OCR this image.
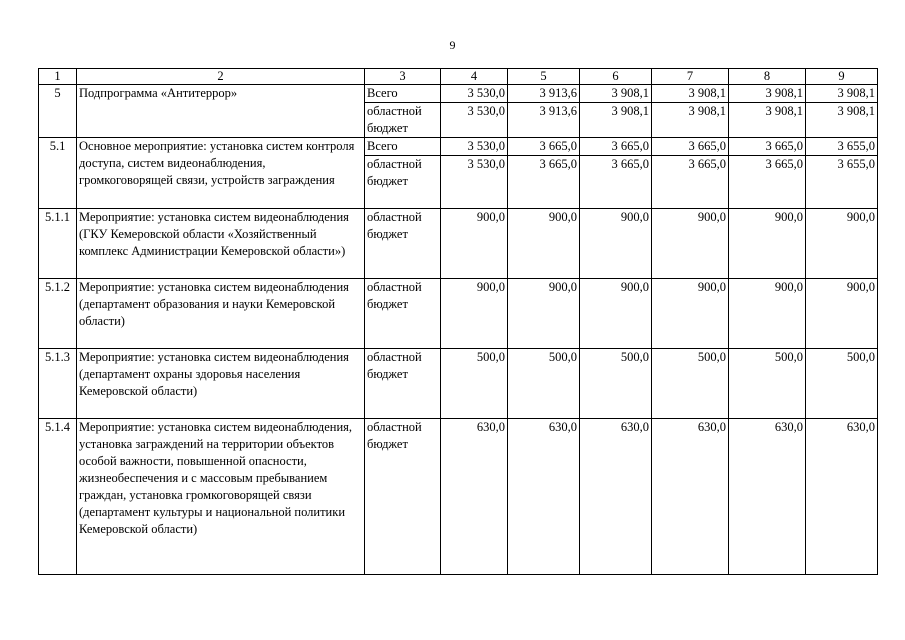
9
1	2	3	4	5	6	7	8	9
5	Подпрограмма «Антитеррор»	Всего	3 530,0	3 913,6	3 908,1	3 908,1	3 908,1	3 908,1
		областной бюджет	3 530,0	3 913,6	3 908,1	3 908,1	3 908,1	3 908,1
5.1	Основное мероприятие: установка систем контроля доступа, систем видеонаблюдения, громкоговорящей связи, устройств заграждения	Всего	3 530,0	3 665,0	3 665,0	3 665,0	3 665,0	3 655,0
		областной бюджет	3 530,0	3 665,0	3 665,0	3 665,0	3 665,0	3 655,0
5.1.1	Мероприятие: установка систем видеонаблюдения (ГКУ Кемеровской области «Хозяйственный комплекс Администрации Кемеровской области»)	областной бюджет	900,0	900,0	900,0	900,0	900,0	900,0
5.1.2	Мероприятие: установка систем видеонаблюдения (департамент образования и науки Кемеровской области)	областной бюджет	900,0	900,0	900,0	900,0	900,0	900,0
5.1.3	Мероприятие: установка систем видеонаблюдения (департамент охраны здоровья населения Кемеровской области)	областной бюджет	500,0	500,0	500,0	500,0	500,0	500,0
5.1.4	Мероприятие: установка систем видеонаблюдения, установка заграждений на территории объектов особой важности, повышенной опасности, жизнеобеспечения и с массовым пребыванием граждан, установка громкоговорящей связи (департамент культуры и национальной политики Кемеровской области)	областной бюджет	630,0	630,0	630,0	630,0	630,0	630,0
